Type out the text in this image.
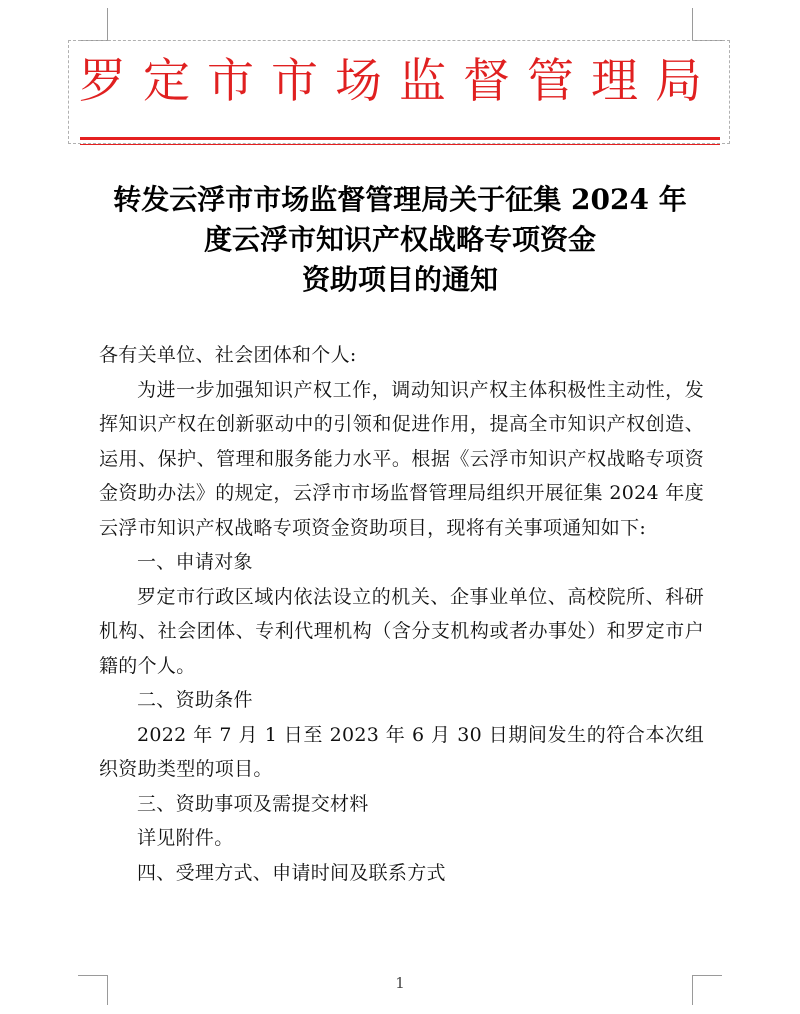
罗定市市场监督管理局
转发云浮市市场监督管理局关于征集 2024 年
度云浮市知识产权战略专项资金
资助项目的通知

各有关单位、社会团体和个人:

为进一步加强知识产权工作，调动知识产权主体积极性主动性，发挥知识产权在创新驱动中的引领和促进作用，提高全市知识产权创造、运用、保护、管理和服务能力水平。根据《云浮市知识产权战略专项资金资助办法》的规定，云浮市市场监督管理局组织开展征集 2024 年度云浮市知识产权战略专项资金资助项目，现将有关事项通知如下:

一、申请对象

罗定市行政区域内依法设立的机关、企事业单位、高校院所、科研机构、社会团体、专利代理机构（含分支机构或者办事处）和罗定市户籍的个人。

二、资助条件

2022 年 7 月 1 日至 2023 年 6 月 30 日期间发生的符合本次组织资助类型的项目。

三、资助事项及需提交材料

详见附件。

四、受理方式、申请时间及联系方式

1
